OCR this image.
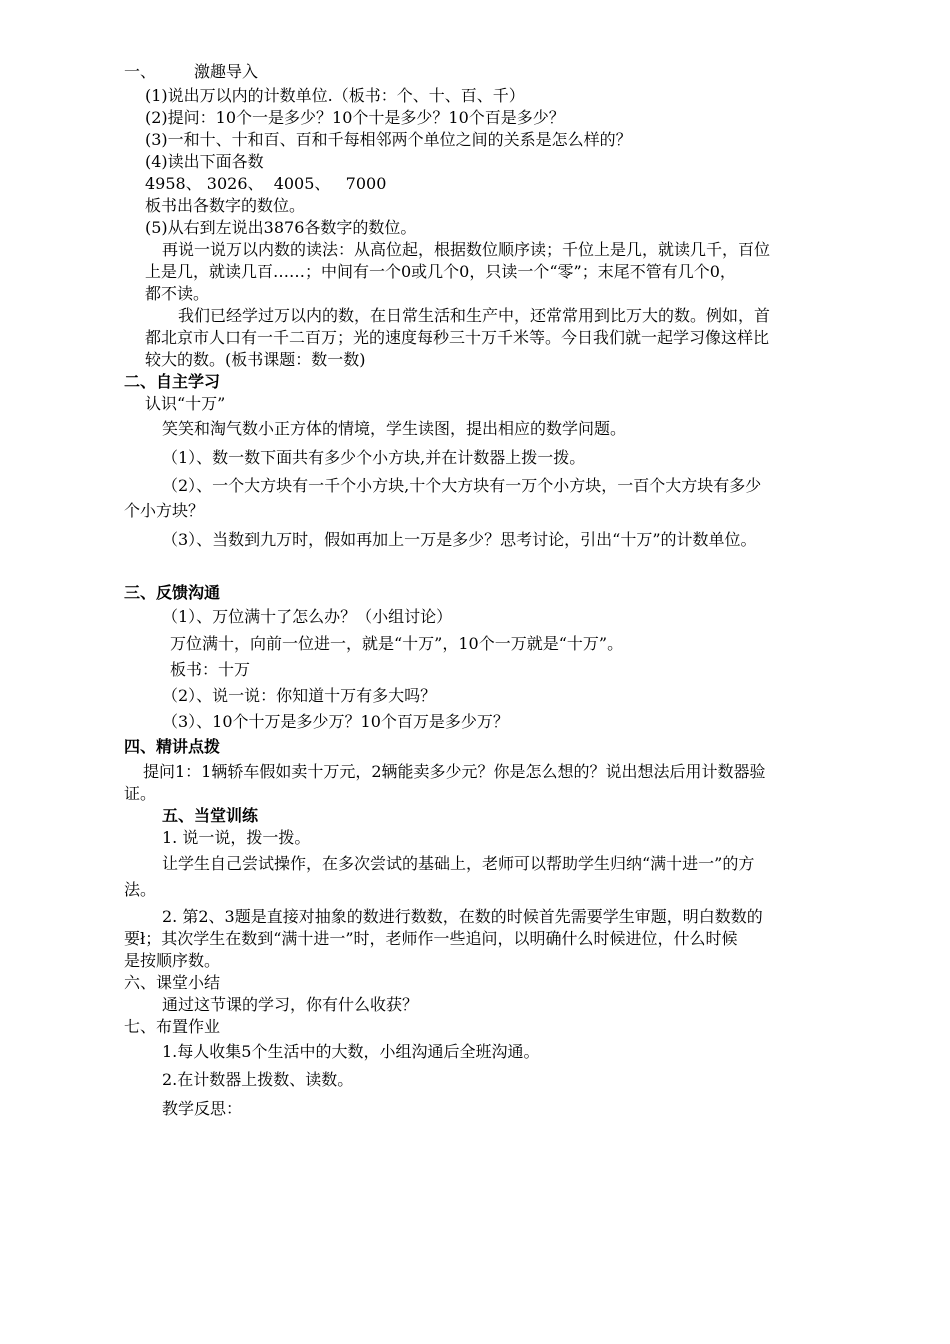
一、 激趣导入
(1)说出万以内的计数单位.（板书：个、十、百、千）
(2)提问：10个一是多少？10个十是多少？10个百是多少？
(3)一和十、十和百、百和千每相邻两个单位之间的关系是怎么样的？
(4)读出下面各数
4958、 3026、  4005、   7000
板书出各数字的数位。
(5)从右到左说出3876各数字的数位。
再说一说万以内数的读法：从高位起，根据数位顺序读；千位上是几，就读几千，百位
上是几，就读几百……；中间有一个0或几个0，只读一个“零”；末尾不管有几个0，
都不读。
我们已经学过万以内的数，在日常生活和生产中，还常常用到比万大的数。例如，首
都北京市人口有一千二百万；光的速度每秒三十万千米等。今日我们就一起学习像这样比
较大的数。(板书课题：数一数)
二、自主学习
认识“十万”
笑笑和淘气数小正方体的情境，学生读图，提出相应的数学问题。
（1）、数一数下面共有多少个小方块,并在计数器上拨一拨。
（2）、一个大方块有一千个小方块,十个大方块有一万个小方块，一百个大方块有多少
个小方块？
（3）、当数到九万时，假如再加上一万是多少？思考讨论，引出“十万”的计数单位。
三、反馈沟通
（1）、万位满十了怎么办？（小组讨论）
万位满十，向前一位进一，就是“十万”，10个一万就是“十万”。
板书：十万
（2）、说一说：你知道十万有多大吗？
（3）、10个十万是多少万？10个百万是多少万？
四、精讲点拨
提问1：1辆轿车假如卖十万元，2辆能卖多少元？你是怎么想的？说出想法后用计数器验
证。
五、当堂训练
1. 说一说，拨一拨。
让学生自己尝试操作，在多次尝试的基础上，老师可以帮助学生归纳“满十进一”的方
法。
2. 第2、3题是直接对抽象的数进行数数，在数的时候首先需要学生审题，明白数数的
要ł；其次学生在数到“满十进一”时，老师作一些追问，以明确什么时候进位，什么时候
是按顺序数。
六、课堂小结
通过这节课的学习，你有什么收获？
七、布置作业
1.每人收集5个生活中的大数，小组沟通后全班沟通。
2.在计数器上拨数、读数。
教学反思：
